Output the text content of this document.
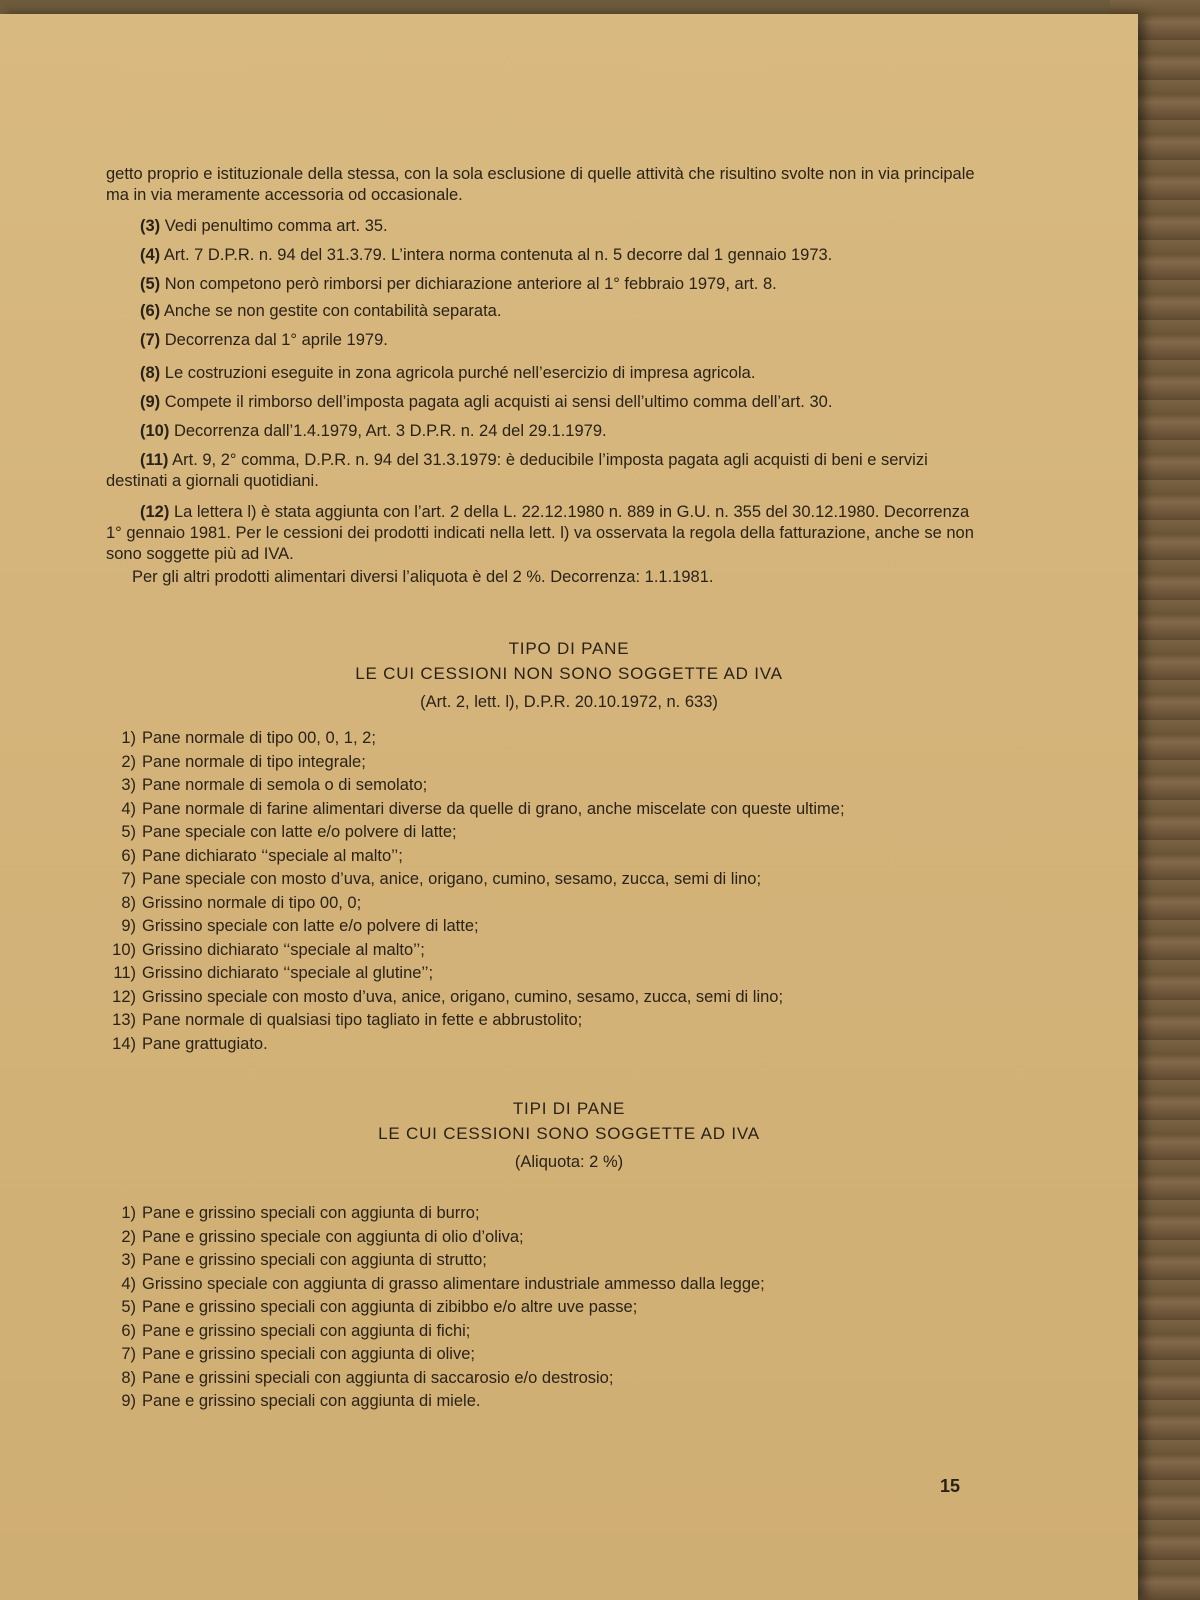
getto proprio e istituzionale della stessa, con la sola esclusione di quelle attività che risultino svolte non in via principale ma in via meramente accessoria od occasionale.

(3) Vedi penultimo comma art. 35.

(4) Art. 7 D.P.R. n. 94 del 31.3.79. L’intera norma contenuta al n. 5 decorre dal 1 gennaio 1973.

(5) Non competono però rimborsi per dichiarazione anteriore al 1° febbraio 1979, art. 8.

(6) Anche se non gestite con contabilità separata.

(7) Decorrenza dal 1° aprile 1979.

(8) Le costruzioni eseguite in zona agricola purché nell’esercizio di impresa agricola.

(9) Compete il rimborso dell’imposta pagata agli acquisti ai sensi dell’ultimo comma dell’art. 30.

(10) Decorrenza dall’1.4.1979, Art. 3 D.P.R. n. 24 del 29.1.1979.

(11) Art. 9, 2° comma, D.P.R. n. 94 del 31.3.1979: è deducibile l’imposta pagata agli acquisti di beni e servizi destinati a giornali quotidiani.

(12) La lettera l) è stata aggiunta con l’art. 2 della L. 22.12.1980 n. 889 in G.U. n. 355 del 30.12.1980. Decorrenza 1° gennaio 1981. Per le cessioni dei prodotti indicati nella lett. l) va osservata la regola della fatturazione, anche se non sono soggette più ad IVA.

Per gli altri prodotti alimentari diversi l’aliquota è del 2 %. Decorrenza: 1.1.1981.

TIPO DI PANE
LE CUI CESSIONI NON SONO SOGGETTE AD IVA
(Art. 2, lett. l), D.P.R. 20.10.1972, n. 633)
1) Pane normale di tipo 00, 0, 1, 2;
2) Pane normale di tipo integrale;
3) Pane normale di semola o di semolato;
4) Pane normale di farine alimentari diverse da quelle di grano, anche miscelate con queste ultime;
5) Pane speciale con latte e/o polvere di latte;
6) Pane dichiarato ‘‘speciale al malto’’;
7) Pane speciale con mosto d’uva, anice, origano, cumino, sesamo, zucca, semi di lino;
8) Grissino normale di tipo 00, 0;
9) Grissino speciale con latte e/o polvere di latte;
10) Grissino dichiarato ‘‘speciale al malto’’;
11) Grissino dichiarato ‘‘speciale al glutine’’;
12) Grissino speciale con mosto d’uva, anice, origano, cumino, sesamo, zucca, semi di lino;
13) Pane normale di qualsiasi tipo tagliato in fette e abbrustolito;
14) Pane grattugiato.
TIPI DI PANE
LE CUI CESSIONI SONO SOGGETTE AD IVA
(Aliquota: 2 %)
1) Pane e grissino speciali con aggiunta di burro;
2) Pane e grissino speciale con aggiunta di olio d’oliva;
3) Pane e grissino speciali con aggiunta di strutto;
4) Grissino speciale con aggiunta di grasso alimentare industriale ammesso dalla legge;
5) Pane e grissino speciali con aggiunta di zibibbo e/o altre uve passe;
6) Pane e grissino speciali con aggiunta di fichi;
7) Pane e grissino speciali con aggiunta di olive;
8) Pane e grissini speciali con aggiunta di saccarosio e/o destrosio;
9) Pane e grissino speciali con aggiunta di miele.
15
